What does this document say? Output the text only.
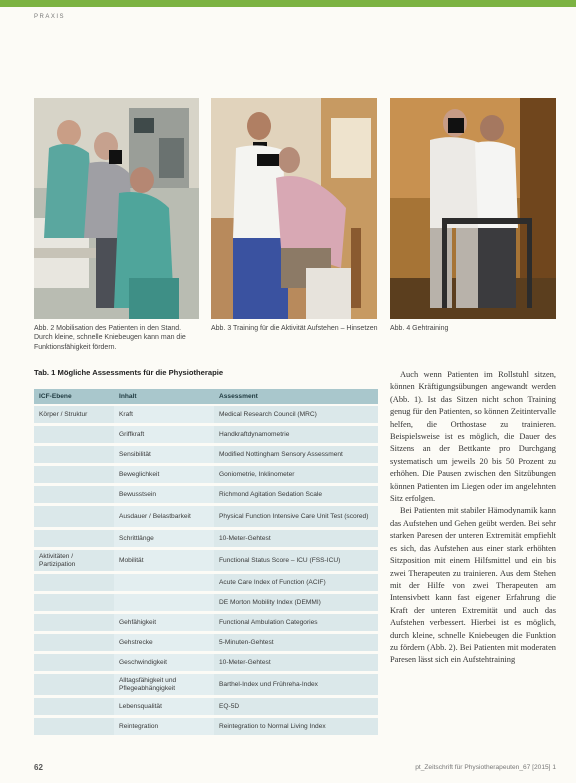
PRAXIS
Abb. 2 Mobilisation des Patienten in den Stand. Durch kleine, schnelle Kniebeugen kann man die Funktionsfähigkeit fördern.
Abb. 3 Training für die Aktivität Aufstehen – Hinsetzen Abb. 4 Gehtraining
Tab. 1 Mögliche Assessments für die Physiotherapie
ICF-Ebene	Inhalt	Assessment
Körper / Struktur	Kraft	Medical Research Council (MRC)
	Griffkraft	Handkraftdynamometrie
	Sensibilität	Modified Nottingham Sensory Assessment
	Beweglichkeit	Goniometrie, Inklinometer
	Bewusstsein	Richmond Agitation Sedation Scale
	Ausdauer / Belastbarkeit	Physical Function Intensive Care Unit Test (scored)
	Schrittlänge	10-Meter-Gehtest
Aktivitäten / Partizipation	Mobilität	Functional Status Score – ICU (FSS-ICU)
		Acute Care Index of Function (ACIF)
		DE Morton Mobility Index (DEMMI)
	Gehfähigkeit	Functional Ambulation Categories
	Gehstrecke	5-Minuten-Gehtest
	Geschwindigkeit	10-Meter-Gehtest
	Alltagsfähigkeit und Pflegeabhängigkeit	Barthel-Index und Frühreha-Index
	Lebensqualität	EQ-5D
	Reintegration	Reintegration to Normal Living Index

Auch wenn Patienten im Rollstuhl sitzen, können Kräftigungsübungen angewandt werden (Abb. 1). Ist das Sitzen nicht schon Training genug für den Patienten, so können Zeitintervalle helfen, die Orthostase zu trainieren. Beispielsweise ist es möglich, die Dauer des Sitzens an der Bettkante pro Durchgang systematisch um jeweils 20 bis 50 Prozent zu erhöhen. Die Pausen zwischen den Sitzübungen können Patienten im Liegen oder im angelehnten Sitz erfolgen.

Bei Patienten mit stabiler Hämodynamik kann das Aufstehen und Gehen geübt werden. Bei sehr starken Paresen der unteren Extremität empfiehlt es sich, das Aufstehen aus einer stark erhöhten Sitzposition mit einem Hilfsmittel und ein bis zwei Therapeuten zu trainieren. Aus dem Stehen mit der Hilfe von zwei Therapeuten am Intensivbett kann fast eigener Erfahrung die Kraft der unteren Extremität und auch das Aufstehen verbessert. Hierbei ist es möglich, durch kleine, schnelle Kniebeugen die Funktion zu fördern (Abb. 2). Bei Patienten mit moderaten Paresen lässt sich ein Aufstehtraining

62	pt_Zeitschrift für Physiotherapeuten_67 [2015] 1
